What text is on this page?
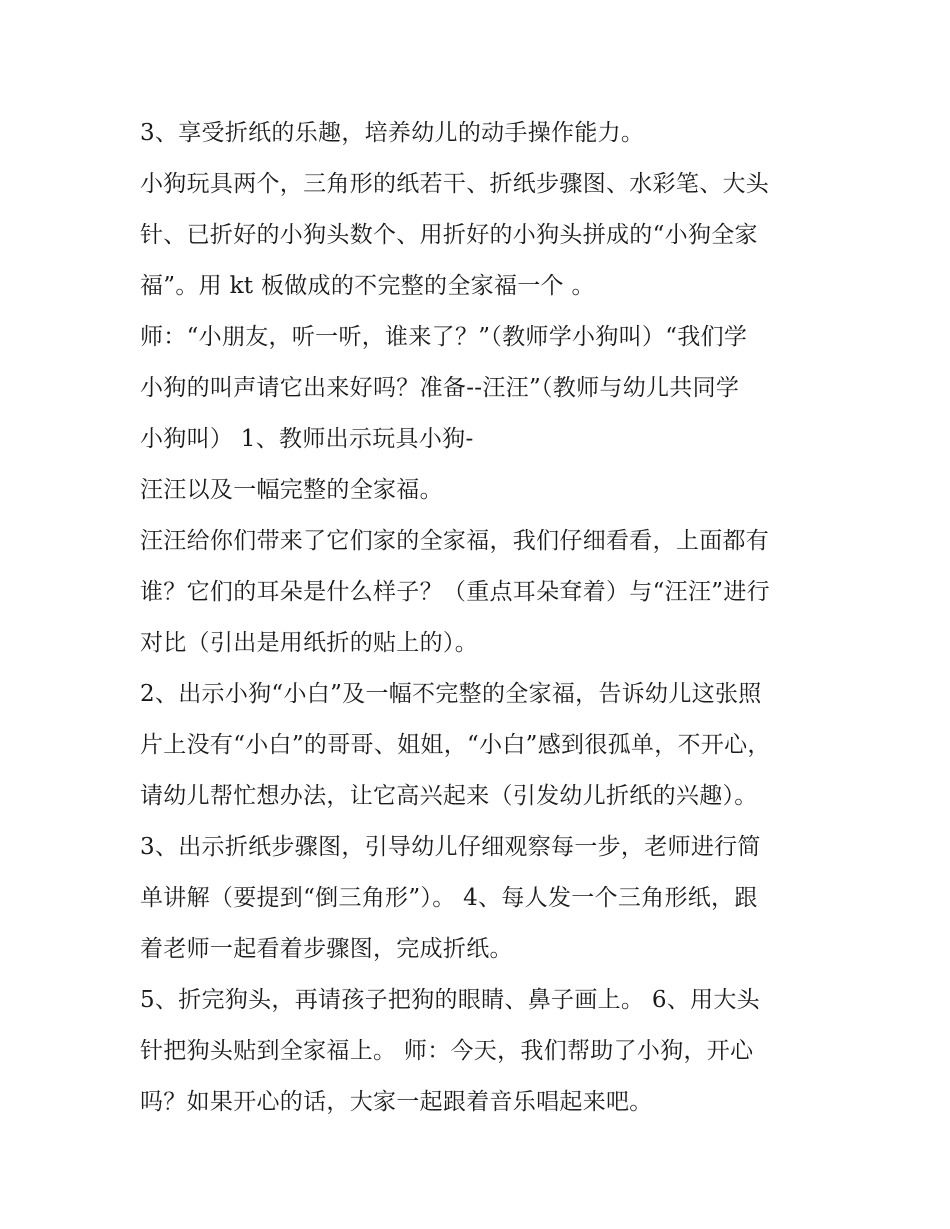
3、享受折纸的乐趣，培养幼儿的动手操作能力。
小狗玩具两个，三角形的纸若干、折纸步骤图、水彩笔、大头
针、已折好的小狗头数个、用折好的小狗头拼成的“小狗全家
福”。用 kt 板做成的不完整的全家福一个 。
师：“小朋友，听一听，谁来了？”（教师学小狗叫）“我们学
小狗的叫声请它出来好吗？准备--汪汪”（教师与幼儿共同学
小狗叫） 1、教师出示玩具小狗-
汪汪以及一幅完整的全家福。
汪汪给你们带来了它们家的全家福，我们仔细看看，上面都有
谁？它们的耳朵是什么样子？（重点耳朵耷着）与“汪汪”进行
对比（引出是用纸折的贴上的）。
2、出示小狗“小白”及一幅不完整的全家福，告诉幼儿这张照
片上没有“小白”的哥哥、姐姐，“小白”感到很孤单，不开心，
请幼儿帮忙想办法，让它高兴起来（引发幼儿折纸的兴趣）。
3、出示折纸步骤图，引导幼儿仔细观察每一步，老师进行简
单讲解（要提到“倒三角形”）。 4、每人发一个三角形纸，跟
着老师一起看着步骤图，完成折纸。
5、折完狗头，再请孩子把狗的眼睛、鼻子画上。 6、用大头
针把狗头贴到全家福上。 师：今天，我们帮助了小狗，开心
吗？如果开心的话，大家一起跟着音乐唱起来吧。
